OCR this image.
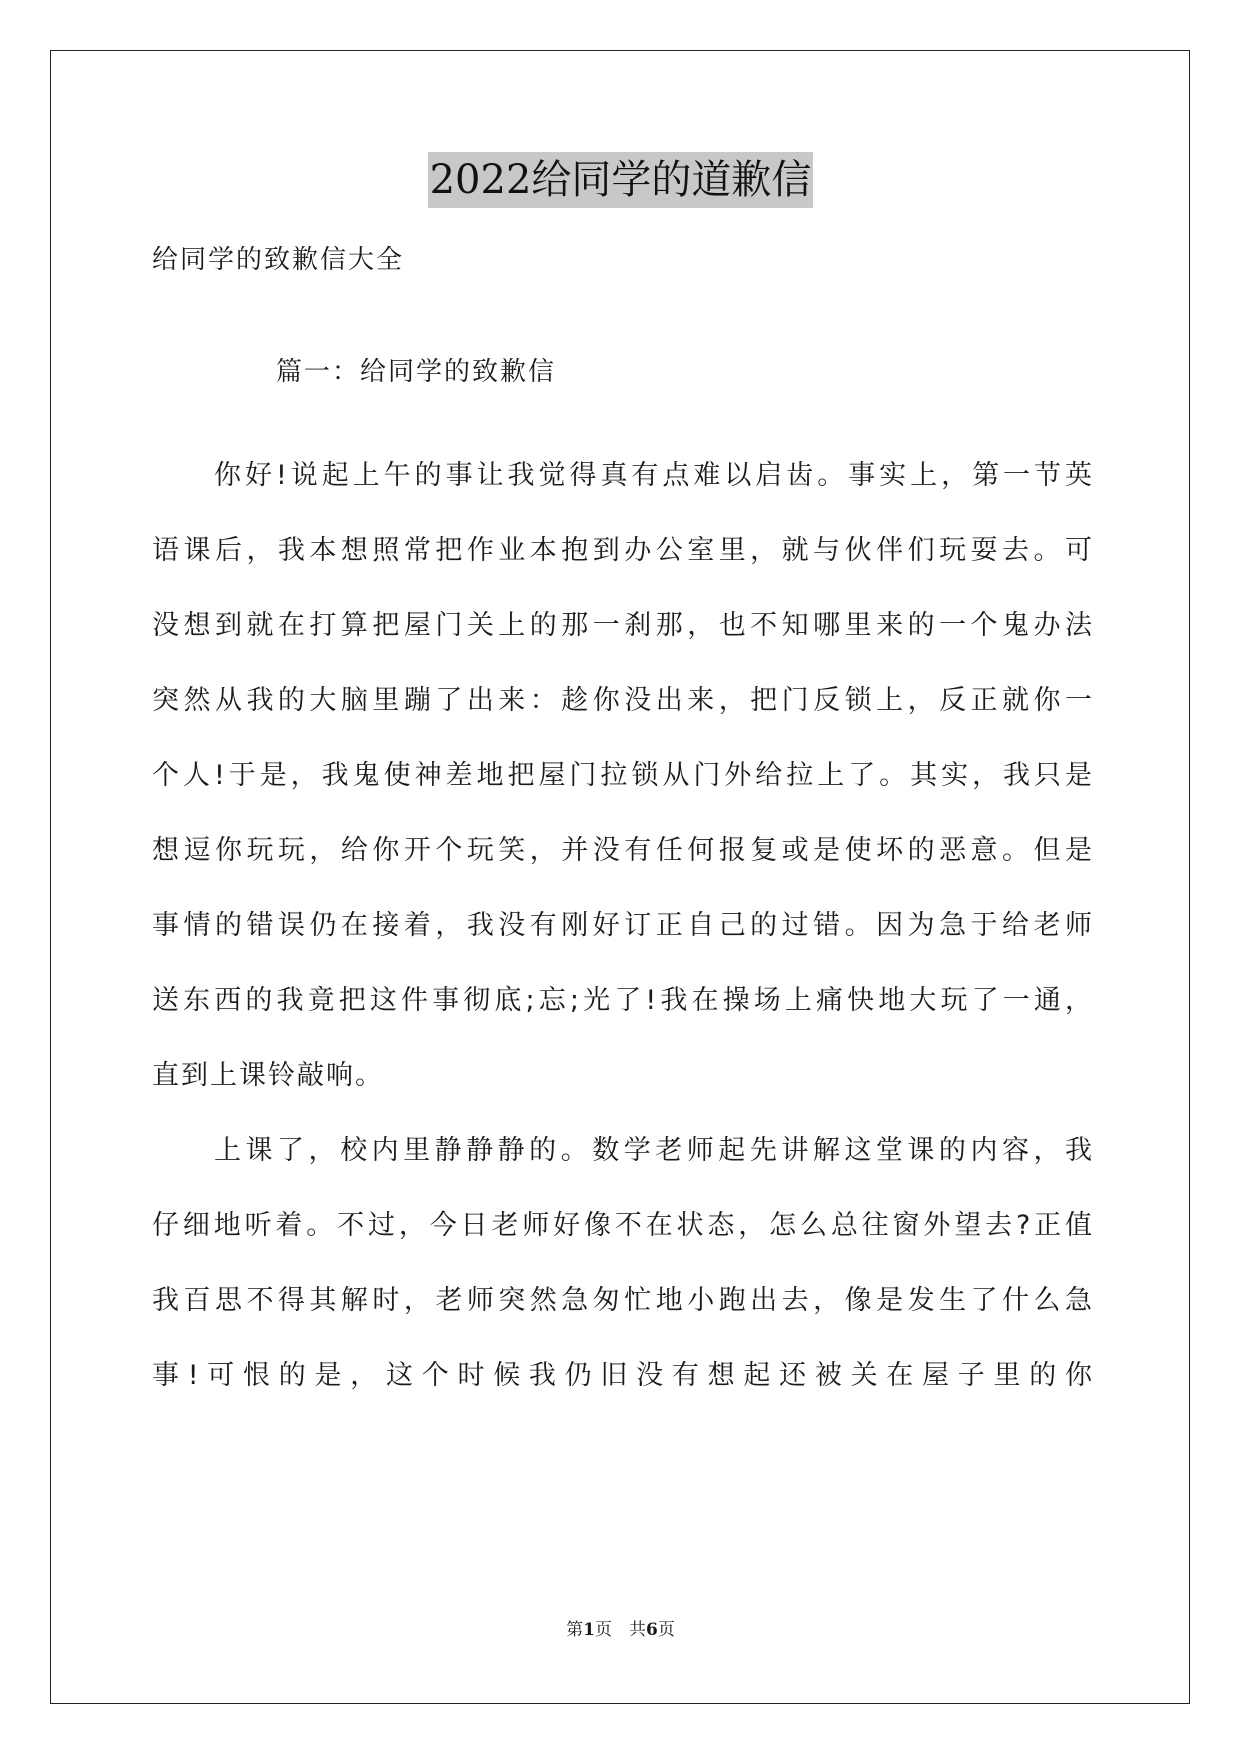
2022给同学的道歉信
给同学的致歉信大全
篇一：给同学的致歉信
你好!说起上午的事让我觉得真有点难以启齿。事实上，第一节英
语课后，我本想照常把作业本抱到办公室里，就与伙伴们玩耍去。可
没想到就在打算把屋门关上的那一刹那，也不知哪里来的一个鬼办法
突然从我的大脑里蹦了出来：趁你没出来，把门反锁上，反正就你一
个人!于是，我鬼使神差地把屋门拉锁从门外给拉上了。其实，我只是
想逗你玩玩，给你开个玩笑，并没有任何报复或是使坏的恶意。但是
事情的错误仍在接着，我没有刚好订正自己的过错。因为急于给老师
送东西的我竟把这件事彻底;忘;光了!我在操场上痛快地大玩了一通，
直到上课铃敲响。
上课了，校内里静静静的。数学老师起先讲解这堂课的内容，我
仔细地听着。不过，今日老师好像不在状态，怎么总往窗外望去?正值
我百思不得其解时，老师突然急匆忙地小跑出去，像是发生了什么急
事!可恨的是，这个时候我仍旧没有想起还被关在屋子里的你
第1页　共6页
